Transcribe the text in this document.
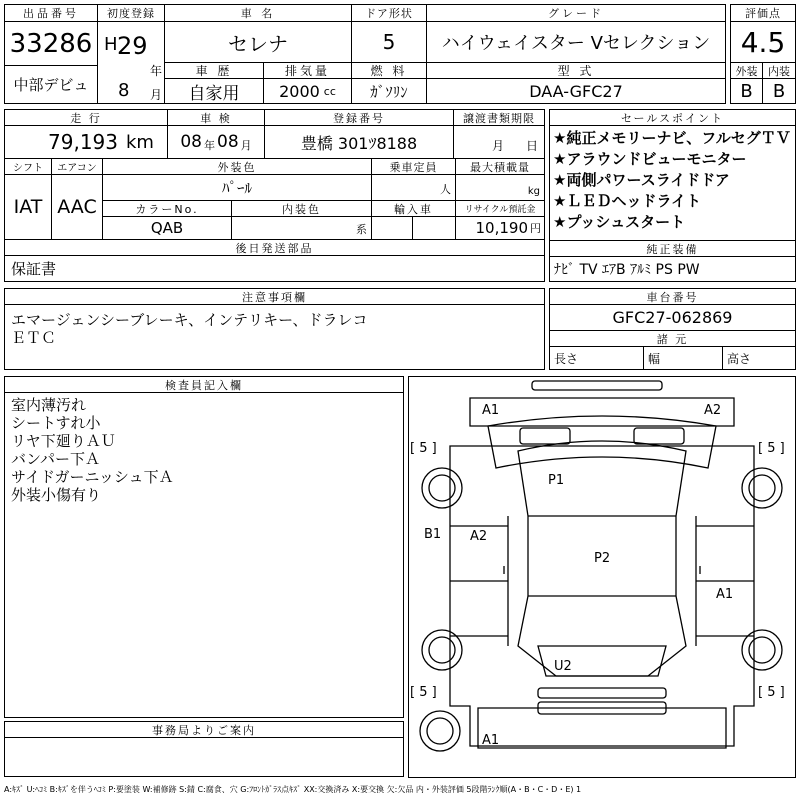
出品番号
33286
中部デビュ
初度登録
H 29
年
8 月
車 名
セレナ
ドア形状
5
グレード
ハイウェイスター Vセレクション
車 歴
自家用
排気量
2000 cc
燃 料
ｶﾞｿﾘﾝ
型 式
DAA-GFC27
評価点
4.5
外装 内装
B	B
走 行
79,193 km
車 検
08 年 08 月
登録番号
豊橋 301ﾂ8188
譲渡書類期限
月 日
シフト
IAT
エアコン
AAC
外装色
ﾊﾟｰﾙ
乗車定員
人
最大積載量
kg
カラーNo.
QAB
内装色
系
輸入車	リサイクル預託金
10,190 円
後日発送部品
保証書
セールスポイント
★純正メモリーナビ、フルセグＴＶ
★アラウンドビューモニター
★両側パワースライドドア
★ＬＥＤヘッドライト
★プッシュスタート
純正装備
ﾅﾋﾞ TV ｴｱB ｱﾙﾐ PS PW
注意事項欄
エマージェンシーブレーキ、インテリキー、ドラレコ
ＥＴＣ
車台番号
GFC27-062869
諸 元
長さ	幅	高さ
検査員記入欄
室内薄汚れ
シートすれ小
リヤ下廻りＡＵ
バンパー下Ａ
サイドガーニッシュ下Ａ
外装小傷有り
事務局よりご案内
A1	A2
P1
B1 A2
P2
A1
U2
A1
[ 5 ]	[ 5 ]
[ 5 ]	[ 5 ]
A:ｷｽﾞ U:ﾍｺﾐ B:ｷｽﾞを伴うﾍｺﾐ P:要塗装 W:補修跡 S:錆 C:腐食、穴 G:ﾌﾛﾝﾄｶﾞﾗｽ点ｷｽﾞ XX:交換済み X:要交換 欠:欠品 内・外装評価 5段階ﾗﾝｸ順(A・B・C・D・E) 1
